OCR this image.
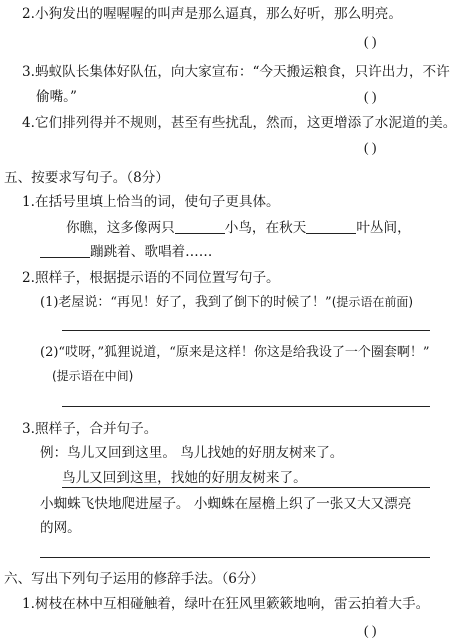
2.小狗发出的喔喔喔的叫声是那么逼真，那么好听，那么明亮。
( )
3.蚂蚁队长集体好队伍，向大家宣布：“今天搬运粮食，只许出力，不许
偷嘴。”	( )
4.它们排列得并不规则，甚至有些扰乱，然而，这更增添了水泥道的美。
( )
五、按要求写句子。（8分）
1.在括号里填上恰当的词，使句子更具体。
你瞧，这多像两只	小鸟，在秋天	叶丛间，
蹦跳着、歌唱着……
2.照样子，根据提示语的不同位置写句子。
(1)老屋说：“再见！好了，我到了倒下的时候了！”(提示语在前面)
(2)“哎呀，”狐狸说道，“原来是这样！你这是给我设了一个圈套啊！”
(提示语在中间)
3.照样子，合并句子。
例：鸟儿又回到这里。 鸟儿找她的好朋友树来了。
鸟儿又回到这里，找她的好朋友树来了。
小蜘蛛飞快地爬进屋子。 小蜘蛛在屋檐上织了一张又大又漂亮
的网。
六、写出下列句子运用的修辞手法。（6分）
1.树枝在林中互相碰触着，绿叶在狂风里簌簌地响，雷云拍着大手。
( )
